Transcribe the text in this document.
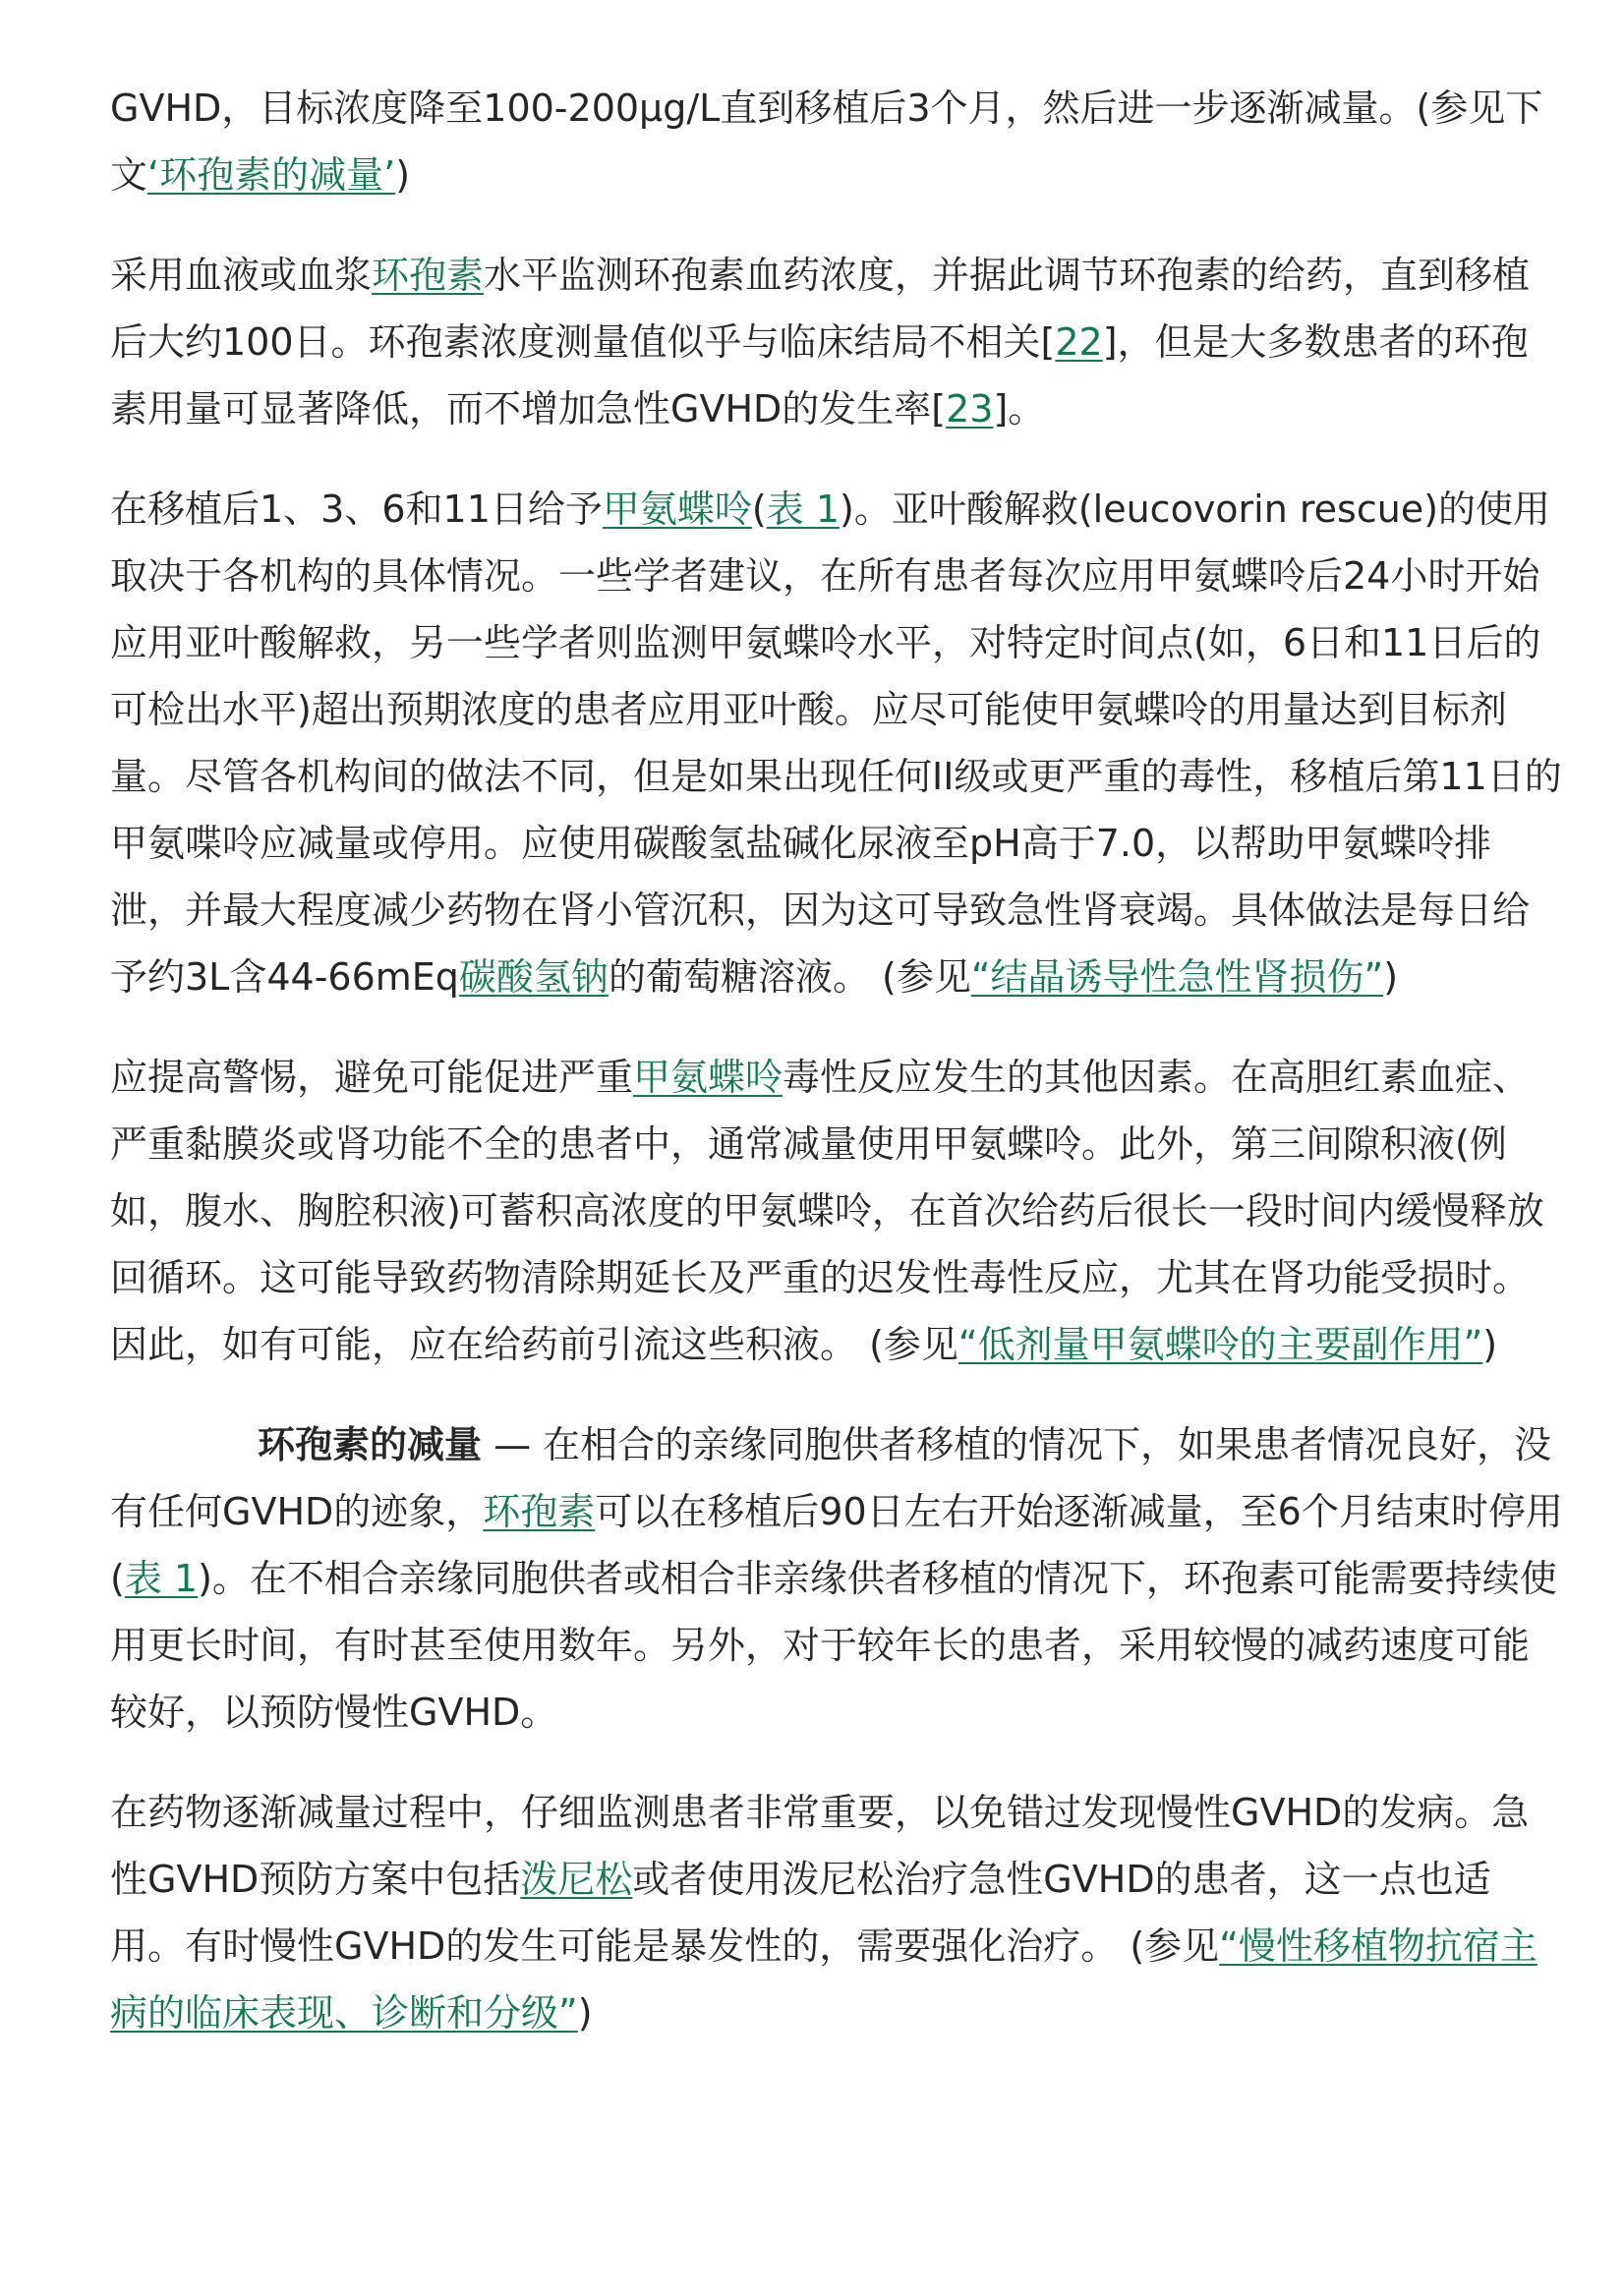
GVHD，目标浓度降至100-200μg/L直到移植后3个月，然后进一步逐渐减量。(参见下文‘环孢素的减量’)

采用血液或血浆环孢素水平监测环孢素血药浓度，并据此调节环孢素的给药，直到移植后大约100日。环孢素浓度测量值似乎与临床结局不相关[22]，但是大多数患者的环孢素用量可显著降低，而不增加急性GVHD的发生率[23]。

在移植后1、3、6和11日给予甲氨蝶呤(表 1)。亚叶酸解救(leucovorin rescue)的使用取决于各机构的具体情况。一些学者建议，在所有患者每次应用甲氨蝶呤后24小时开始应用亚叶酸解救，另一些学者则监测甲氨蝶呤水平，对特定时间点(如，6日和11日后的可检出水平)超出预期浓度的患者应用亚叶酸。应尽可能使甲氨蝶呤的用量达到目标剂量。尽管各机构间的做法不同，但是如果出现任何II级或更严重的毒性，移植后第11日的甲氨喋呤应减量或停用。应使用碳酸氢盐碱化尿液至pH高于7.0，以帮助甲氨蝶呤排泄，并最大程度减少药物在肾小管沉积，因为这可导致急性肾衰竭。具体做法是每日给予约3L含44-66mEq碳酸氢钠的葡萄糖溶液。 (参见“结晶诱导性急性肾损伤”)

应提高警惕，避免可能促进严重甲氨蝶呤毒性反应发生的其他因素。在高胆红素血症、严重黏膜炎或肾功能不全的患者中，通常减量使用甲氨蝶呤。此外，第三间隙积液(例如，腹水、胸腔积液)可蓄积高浓度的甲氨蝶呤，在首次给药后很长一段时间内缓慢释放回循环。这可能导致药物清除期延长及严重的迟发性毒性反应，尤其在肾功能受损时。因此，如有可能，应在给药前引流这些积液。 (参见“低剂量甲氨蝶呤的主要副作用”)

环孢素的减量 — 在相合的亲缘同胞供者移植的情况下，如果患者情况良好，没有任何GVHD的迹象，环孢素可以在移植后90日左右开始逐渐减量，至6个月结束时停用(表 1)。在不相合亲缘同胞供者或相合非亲缘供者移植的情况下，环孢素可能需要持续使用更长时间，有时甚至使用数年。另外，对于较年长的患者，采用较慢的减药速度可能较好，以预防慢性GVHD。

在药物逐渐减量过程中，仔细监测患者非常重要，以免错过发现慢性GVHD的发病。急性GVHD预防方案中包括泼尼松或者使用泼尼松治疗急性GVHD的患者，这一点也适用。有时慢性GVHD的发生可能是暴发性的，需要强化治疗。 (参见“慢性移植物抗宿主病的临床表现、诊断和分级”)
